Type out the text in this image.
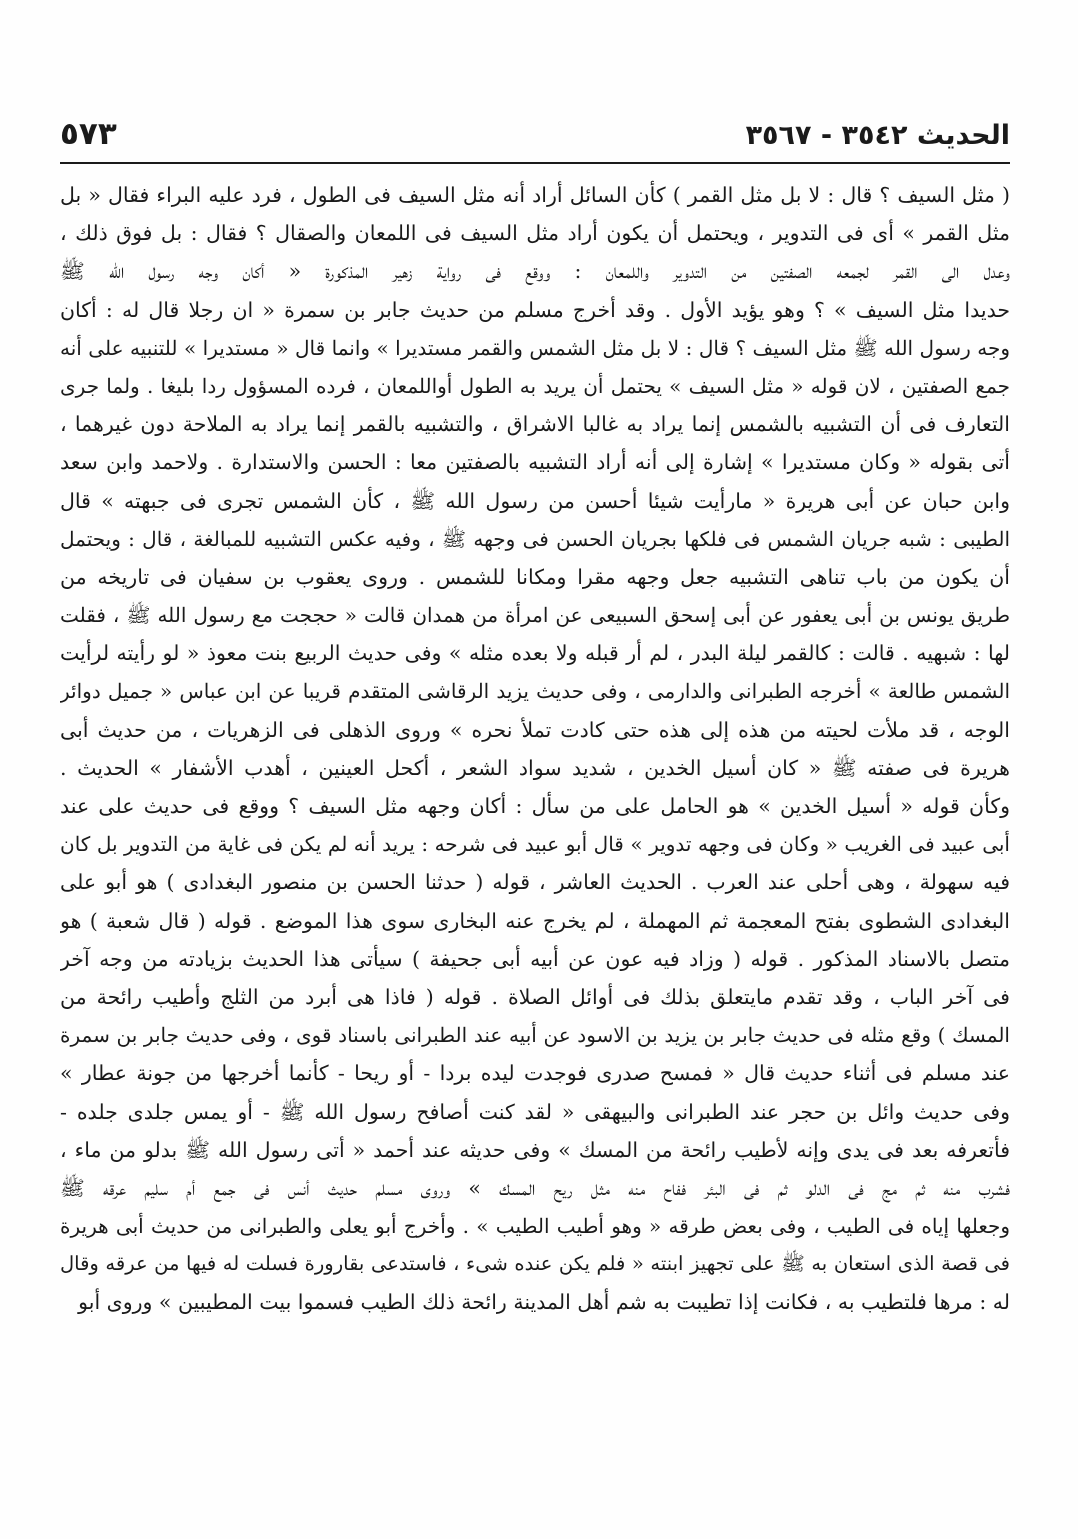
الحديث ٣٥٤٢ - ٣٥٦٧
٥٧٣
( مثل السيف ؟ قال : لا بل مثل القمر ) كأن السائل أراد أنه مثل السيف فى الطول ، فرد عليه البراء فقال « بل
مثل القمر » أى فى التدوير ، ويحتمل أن يكون أراد مثل السيف فى اللمعان والصقال ؟ فقال : بل فوق ذلك ،
وعدل الى القمر لجمعه الصفتين من التدوير واللمعان : ووقع فى رواية زهير المذكورة « أكان وجه رسول الله ﷺ
حديدا مثل السيف » ؟ وهو يؤيد الأول . وقد أخرج مسلم من حديث جابر بن سمرة « ان رجلا قال له : أكان
وجه رسول الله ﷺ مثل السيف ؟ قال : لا بل مثل الشمس والقمر مستديرا » وانما قال « مستديرا » للتنبيه على أنه
جمع الصفتين ، لان قوله « مثل السيف » يحتمل أن يريد به الطول أواللمعان ، فرده المسؤول ردا بليغا . ولما جرى
التعارف فى أن التشبيه بالشمس إنما يراد به غالبا الاشراق ، والتشبيه بالقمر إنما يراد به الملاحة دون غيرهما ،
أتى بقوله « وكان مستديرا » إشارة إلى أنه أراد التشبيه بالصفتين معا : الحسن والاستدارة . ولاحمد وابن سعد
وابن حبان عن أبى هريرة « مارأيت شيئا أحسن من رسول الله ﷺ ، كأن الشمس تجرى فى جبهته » قال
الطيبى : شبه جريان الشمس فى فلكها بجريان الحسن فى وجهه ﷺ ، وفيه عكس التشبيه للمبالغة ، قال : ويحتمل
أن يكون من باب تناهى التشبيه جعل وجهه مقرا ومكانا للشمس . وروى يعقوب بن سفيان فى تاريخه من
طريق يونس بن أبى يعفور عن أبى إسحق السبيعى عن امرأة من همدان قالت « حججت مع رسول الله ﷺ ، فقلت
لها : شبهيه . قالت : كالقمر ليلة البدر ، لم أر قبله ولا بعده مثله » وفى حديث الربيع بنت معوذ « لو رأيته لرأيت
الشمس طالعة » أخرجه الطبرانى والدارمى ، وفى حديث يزيد الرقاشى المتقدم قريبا عن ابن عباس « جميل دوائر
الوجه ، قد ملأت لحيته من هذه إلى هذه حتى كادت تملأ نحره » وروى الذهلى فى الزهريات ، من حديث أبى
هريرة فى صفته ﷺ « كان أسيل الخدين ، شديد سواد الشعر ، أكحل العينين ، أهدب الأشفار » الحديث .
وكأن قوله « أسيل الخدين » هو الحامل على من سأل : أكان وجهه مثل السيف ؟ ووقع فى حديث على عند
أبى عبيد فى الغريب « وكان فى وجهه تدوير » قال أبو عبيد فى شرحه : يريد أنه لم يكن فى غاية من التدوير بل كان
فيه سهولة ، وهى أحلى عند العرب . الحديث العاشر ، قوله ( حدثنا الحسن بن منصور البغدادى ) هو أبو على
البغدادى الشطوى بفتح المعجمة ثم المهملة ، لم يخرج عنه البخارى سوى هذا الموضع . قوله ( قال شعبة ) هو
متصل بالاسناد المذكور . قوله ( وزاد فيه عون عن أبيه أبى جحيفة ) سيأتى هذا الحديث بزيادته من وجه آخر
فى آخر الباب ، وقد تقدم مايتعلق بذلك فى أوائل الصلاة . قوله ( فاذا هى أبرد من الثلج وأطيب رائحة من
المسك ) وقع مثله فى حديث جابر بن يزيد بن الاسود عن أبيه عند الطبرانى باسناد قوى ، وفى حديث جابر بن سمرة
عند مسلم فى أثناء حديث قال « فمسح صدرى فوجدت ليده بردا - أو ريحا - كأنما أخرجها من جونة عطار »
وفى حديث وائل بن حجر عند الطبرانى والبيهقى « لقد كنت أصافح رسول الله ﷺ - أو يمس جلدى جلده -
فأتعرفه بعد فى يدى وإنه لأطيب رائحة من المسك » وفى حديثه عند أحمد « أتى رسول الله ﷺ بدلو من ماء ،
فشرب منه ثم مج فى الدلو ثم فى البئر ففاح منه مثل ريح المسك » وروى مسلم حديث أنس فى جمع أم سليم عرقه ﷺ
وجعلها إياه فى الطيب ، وفى بعض طرقه « وهو أطيب الطيب » . وأخرج أبو يعلى والطبرانى من حديث أبى هريرة
فى قصة الذى استعان به ﷺ على تجهيز ابنته « فلم يكن عنده شىء ، فاستدعى بقارورة فسلت له فيها من عرقه وقال
له : مرها فلتطيب به ، فكانت إذا تطيبت به شم أهل المدينة رائحة ذلك الطيب فسموا بيت المطيبين » وروى أبو
